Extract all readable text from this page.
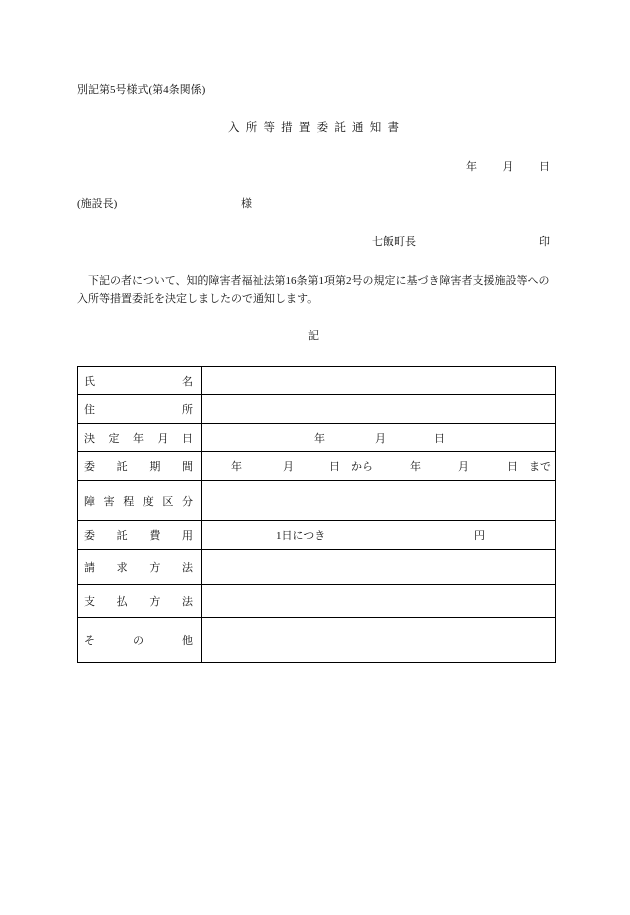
別記第5号様式(第4条関係)
入所等措置委託通知書
年 月 日
(施設長)	様
七飯町長	印
下記の者について、知的障害者福祉法第16条第1項第2号の規定に基づき障害者支援施設等への入所等措置委託を決定しましたので通知します。
記
氏名
住所
決定年月日	年	月	日
委託期間	年	月	日 から	年	月	日 まで
障害程度区分
委託費用	1日につき	円
請求方法
支払方法
その他
